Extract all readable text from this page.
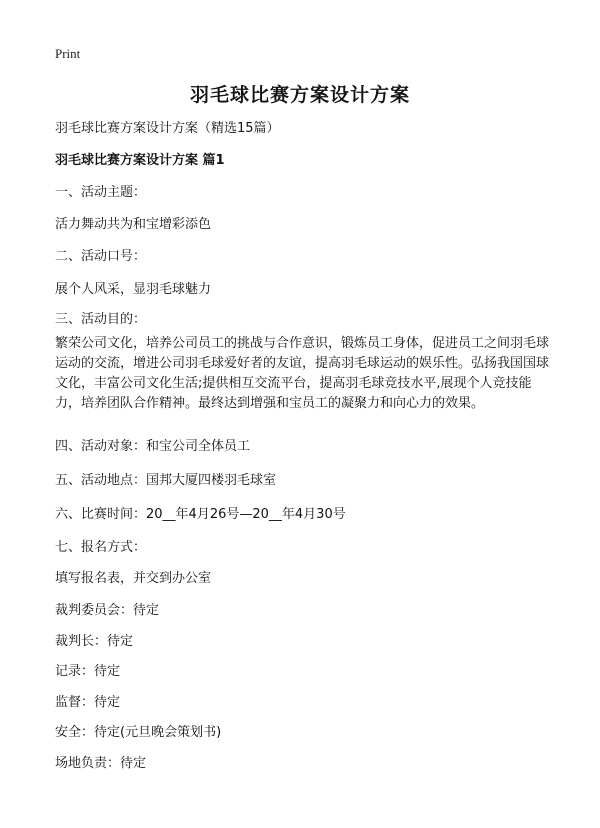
Print
羽毛球比赛方案设计方案
羽毛球比赛方案设计方案（精选15篇）
羽毛球比赛方案设计方案 篇1
一、活动主题：
活力舞动共为和宝增彩添色
二、活动口号：
展个人风采，显羽毛球魅力
三、活动目的：
繁荣公司文化，培养公司员工的挑战与合作意识，锻炼员工身体，促进员工之间羽毛球运动的交流，增进公司羽毛球爱好者的友谊，提高羽毛球运动的娱乐性。弘扬我国国球文化，丰富公司文化生活;提供相互交流平台，提高羽毛球竞技水平,展现个人竞技能力，培养团队合作精神。最终达到增强和宝员工的凝聚力和向心力的效果。
四、活动对象：和宝公司全体员工
五、活动地点：国邦大厦四楼羽毛球室
六、比赛时间：20__年4月26号—20__年4月30号
七、报名方式：
填写报名表，并交到办公室
裁判委员会：待定
裁判长：待定
记录：待定
监督：待定
安全：待定(元旦晚会策划书)
场地负责：待定
